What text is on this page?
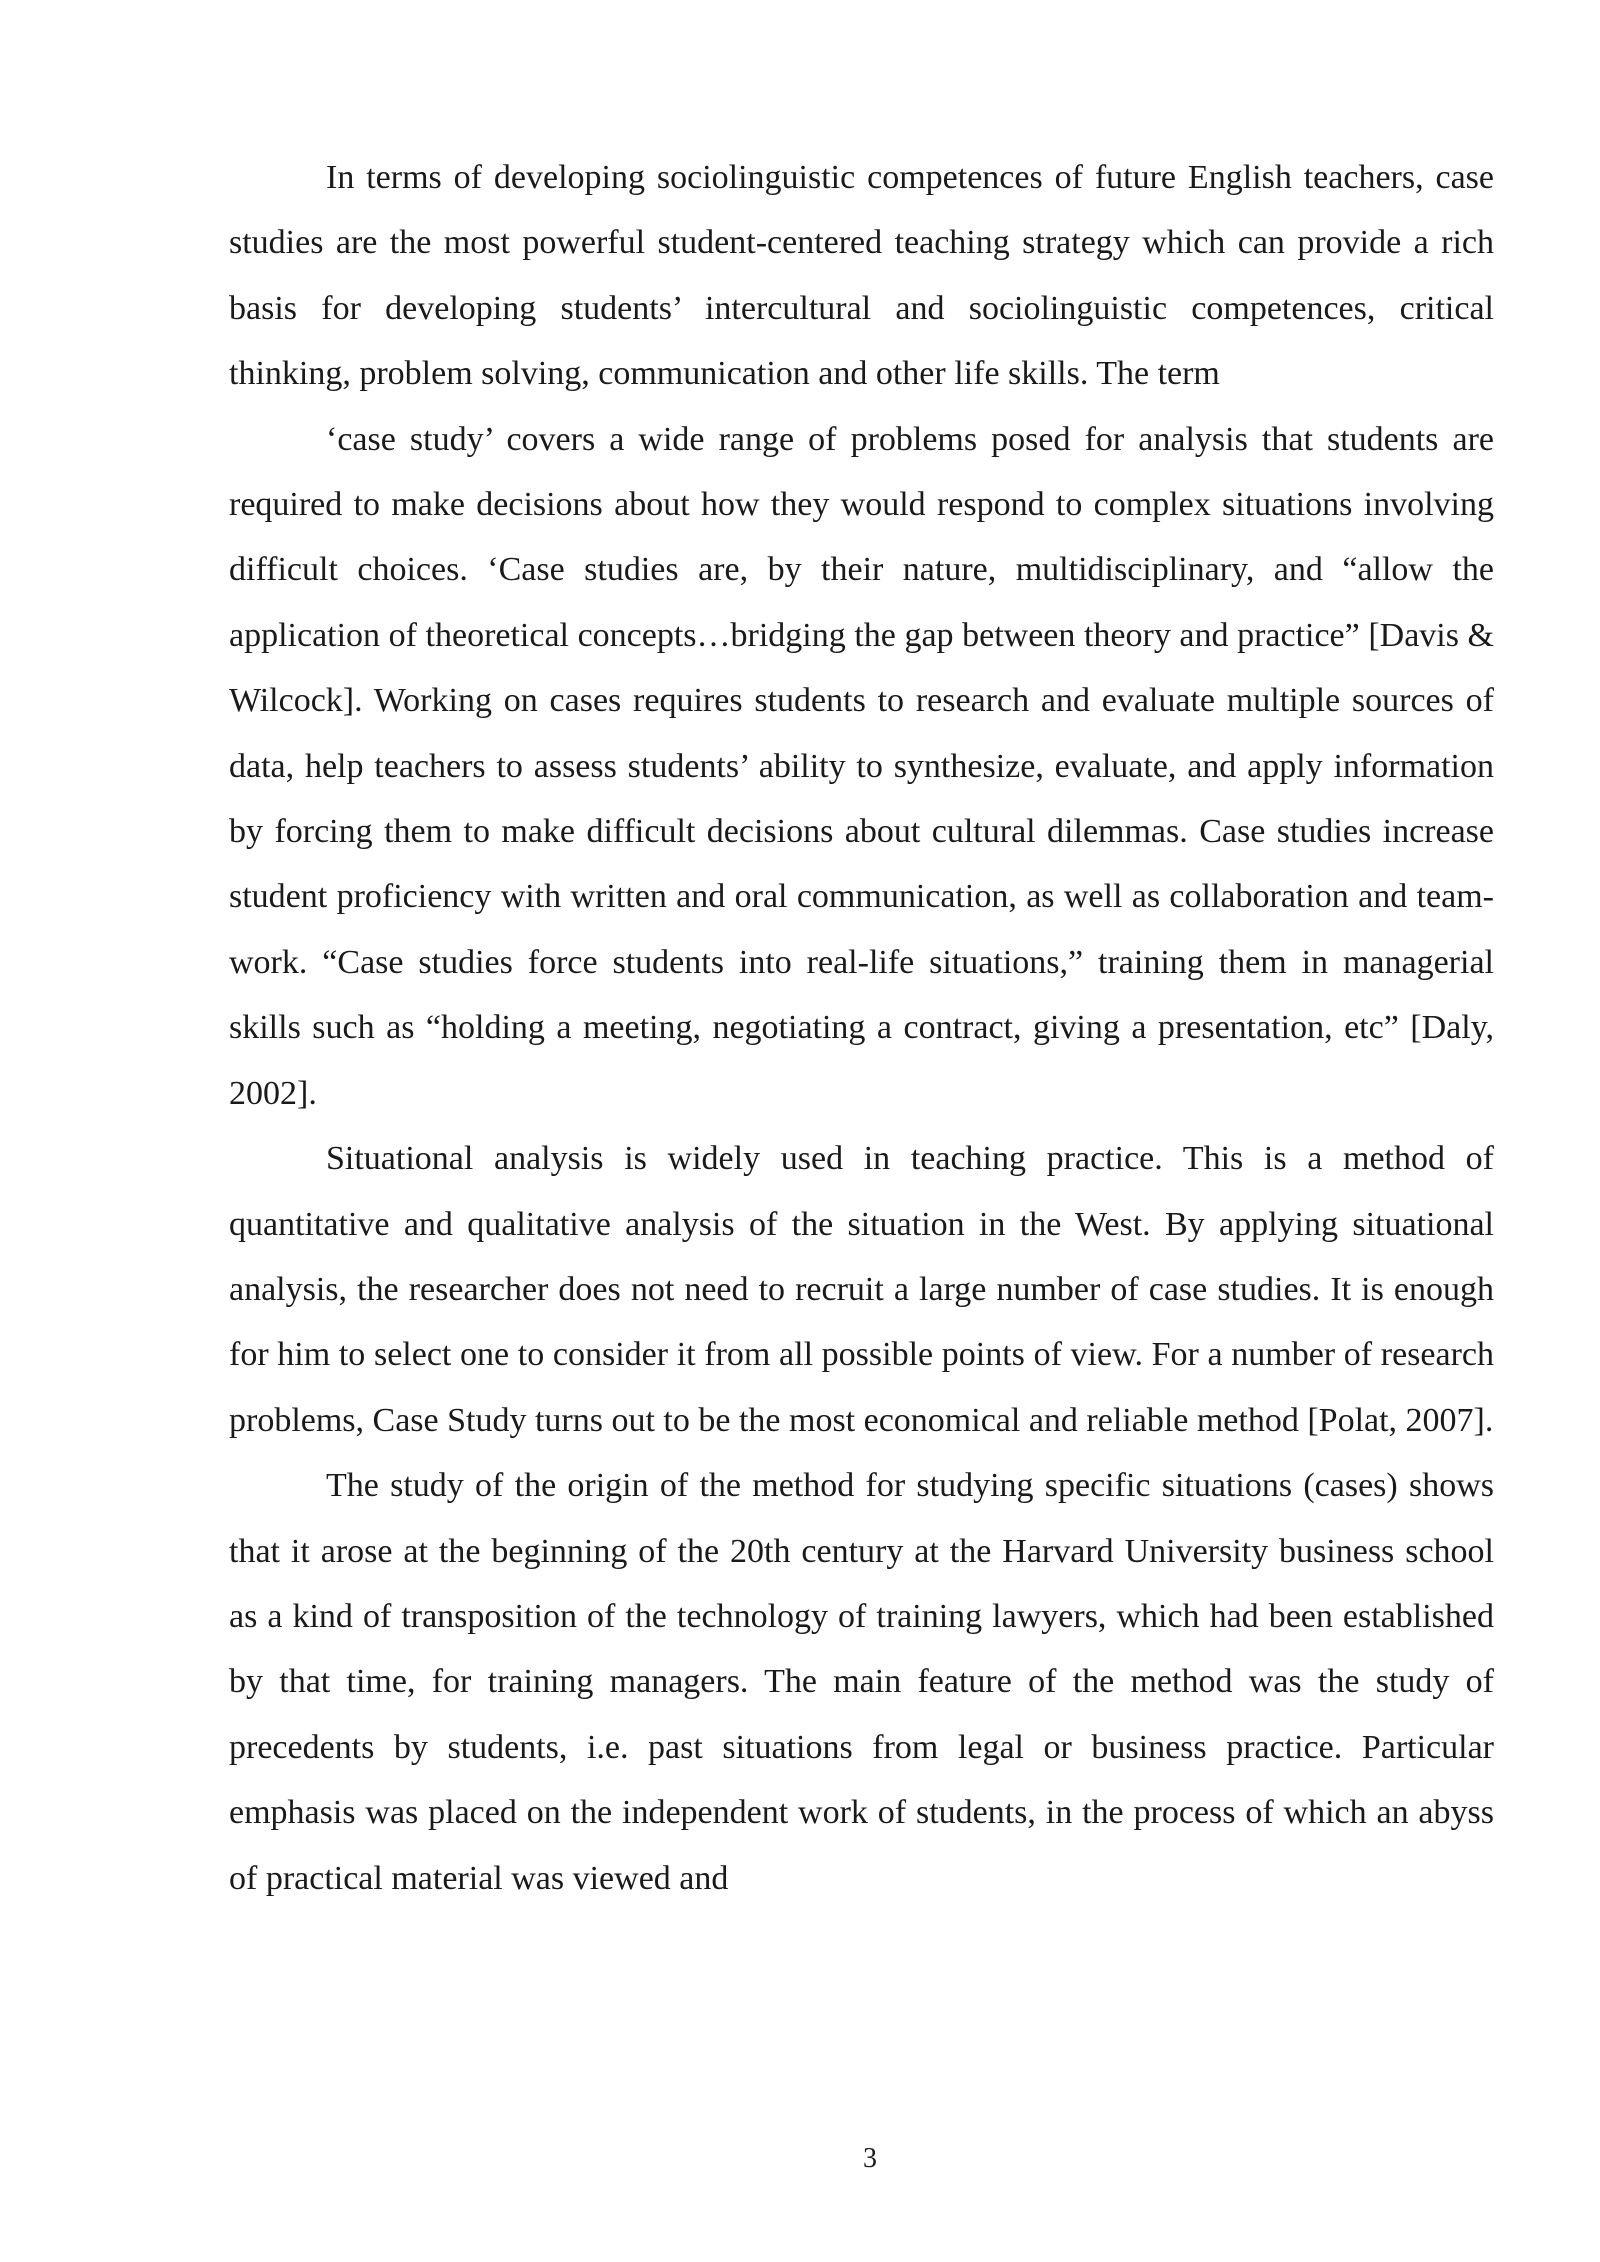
In terms of developing sociolinguistic competences of future English teachers, case studies are the most powerful student-centered teaching strategy which can provide a rich basis for developing students’ intercultural and sociolinguistic competences, critical thinking, problem solving, communication and other life skills. The term

‘case study’ covers a wide range of problems posed for analysis that students are required to make decisions about how they would respond to complex situations involving difficult choices. ‘Case studies are, by their nature, multidisciplinary, and “allow the application of theoretical concepts…bridging the gap between theory and practice” [Davis & Wilcock]. Working on cases requires students to research and evaluate multiple sources of data, help teachers to assess students’ ability to synthesize, evaluate, and apply information by forcing them to make difficult decisions about cultural dilemmas. Case studies increase student proficiency with written and oral communication, as well as collaboration and team-work. “Case studies force students into real-life situations,” training them in managerial skills such as “holding a meeting, negotiating a contract, giving a presentation, etc” [Daly, 2002].

Situational analysis is widely used in teaching practice. This is a method of quantitative and qualitative analysis of the situation in the West. By applying situational analysis, the researcher does not need to recruit a large number of case studies. It is enough for him to select one to consider it from all possible points of view. For a number of research problems, Case Study turns out to be the most economical and reliable method [Polat, 2007].

The study of the origin of the method for studying specific situations (cases) shows that it arose at the beginning of the 20th century at the Harvard University business school as a kind of transposition of the technology of training lawyers, which had been established by that time, for training managers. The main feature of the method was the study of precedents by students, i.e. past situations from legal or business practice. Particular emphasis was placed on the independent work of students, in the process of which an abyss of practical material was viewed and

3
